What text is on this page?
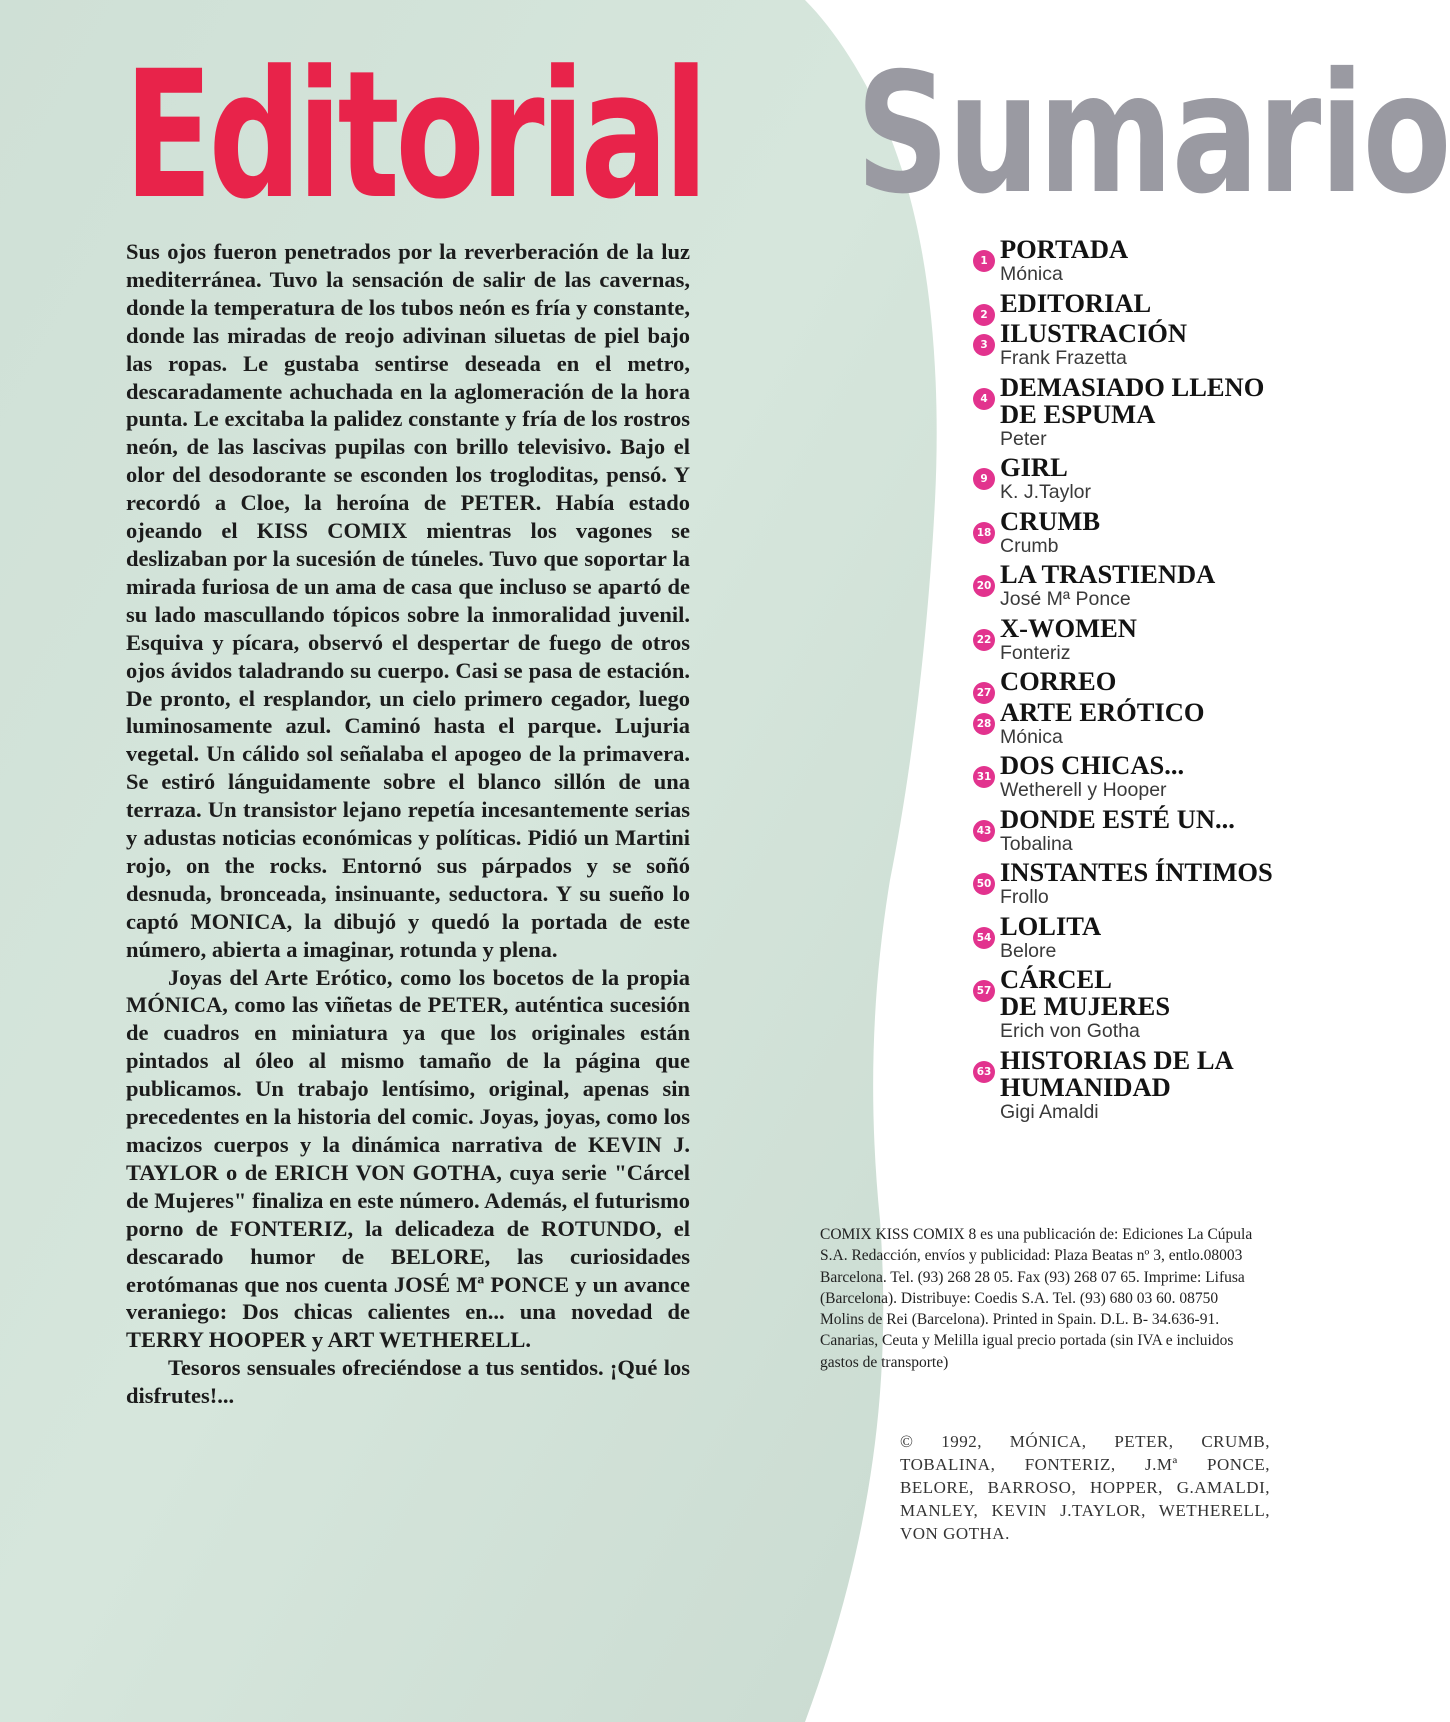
Editorial

Sus ojos fueron penetrados por la reverberación de la luz mediterránea. Tuvo la sensación de salir de las cavernas, donde la temperatura de los tubos neón es fría y constante, donde las miradas de reojo adivinan siluetas de piel bajo las ropas. Le gustaba sentirse deseada en el metro, descaradamente achuchada en la aglomeración de la hora punta. Le excitaba la palidez constante y fría de los rostros neón, de las lascivas pupilas con brillo televisivo. Bajo el olor del desodorante se esconden los trogloditas, pensó. Y recordó a Cloe, la heroína de PETER. Había estado ojeando el KISS COMIX mientras los vagones se deslizaban por la sucesión de túneles. Tuvo que soportar la mirada furiosa de un ama de casa que incluso se apartó de su lado mascullando tópicos sobre la inmoralidad juvenil. Esquiva y pícara, observó el despertar de fuego de otros ojos ávidos taladrando su cuerpo. Casi se pasa de estación. De pronto, el resplandor, un cielo primero cegador, luego luminosamente azul. Caminó hasta el parque. Lujuria vegetal. Un cálido sol señalaba el apogeo de la primavera. Se estiró lánguidamente sobre el blanco sillón de una terraza. Un transistor lejano repetía incesantemente serias y adustas noticias económicas y políticas. Pidió un Martini rojo, on the rocks. Entornó sus párpados y se soñó desnuda, bronceada, insinuante, seductora. Y su sueño lo captó MONICA, la dibujó y quedó la portada de este número, abierta a imaginar, rotunda y plena.

Joyas del Arte Erótico, como los bocetos de la propia MÓNICA, como las viñetas de PETER, auténtica sucesión de cuadros en miniatura ya que los originales están pintados al óleo al mismo tamaño de la página que publicamos. Un trabajo lentísimo, original, apenas sin precedentes en la historia del comic. Joyas, joyas, como los macizos cuerpos y la dinámica narrativa de KEVIN J. TAYLOR o de ERICH VON GOTHA, cuya serie "Cárcel de Mujeres" finaliza en este número. Además, el futurismo porno de FONTERIZ, la delicadeza de ROTUNDO, el descarado humor de BELORE, las curiosidades erotómanas que nos cuenta JOSÉ Mª PONCE y un avance veraniego: Dos chicas calientes en... una novedad de TERRY HOOPER y ART WETHERELL.

Tesoros sensuales ofreciéndose a tus sentidos. ¡Qué los disfrutes!...

Sumario
1 PORTADA
Mónica
2 EDITORIAL
3 ILUSTRACIÓN
Frank Frazetta
4 DEMASIADO LLENO
DE ESPUMA
Peter
9 GIRL
K. J.Taylor
18 CRUMB
Crumb
20 LA TRASTIENDA
José Mª Ponce
22 X-WOMEN
Fonteriz
27 CORREO
28 ARTE ERÓTICO
Mónica
31 DOS CHICAS...
Wetherell y Hooper
43 DONDE ESTÉ UN...
Tobalina
50 INSTANTES ÍNTIMOS
Frollo
54 LOLITA
Belore
57 CÁRCEL
DE MUJERES
Erich von Gotha
63 HISTORIAS DE LA
HUMANIDAD
Gigi Amaldi
COMIX KISS COMIX 8 es una publicación de: Ediciones La Cúpula S.A. Redacción, envíos y publicidad: Plaza Beatas nº 3, entlo.08003 Barcelona. Tel. (93) 268 28 05. Fax (93) 268 07 65. Imprime: Lifusa (Barcelona). Distribuye: Coedis S.A. Tel. (93) 680 03 60. 08750 Molins de Rei (Barcelona). Printed in Spain. D.L. B- 34.636-91. Canarias, Ceuta y Melilla igual precio portada (sin IVA e incluidos gastos de transporte)
© 1992, MÓNICA, PETER, CRUMB, TOBALINA, FONTERIZ, J.Mª PONCE, BELORE, BARROSO, HOPPER, G.AMALDI, MANLEY, KEVIN J.TAYLOR, WETHERELL, VON GOTHA.
